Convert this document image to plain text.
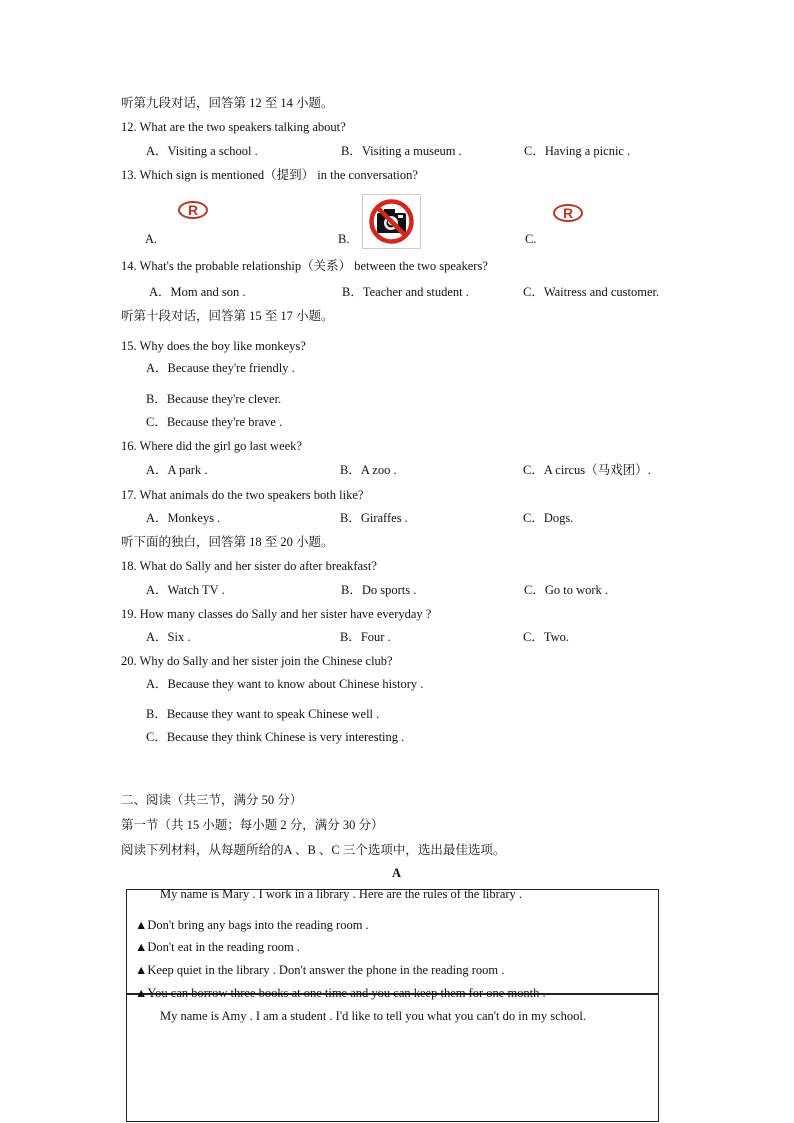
听第九段对话，回答第 12 至 14 小题。
12. What are the two speakers talking about?
A．Visiting a school .	B．Visiting a museum .	C．Having a picnic .
13. Which sign is mentioned（提到） in the conversation?
R
A.	B.
R
C.
14. What's the probable relationship（关系） between the two speakers?
A．Mom and son .	B．Teacher and student .	C．Waitress and customer.
听第十段对话，回答第 15 至 17 小题。
15. Why does the boy like monkeys?
A．Because they're friendly .
B．Because they're clever.
C．Because they're brave .
16. Where did the girl go last week?
A．A park .	B．A zoo .	C．A circus（马戏团）.
17. What animals do the two speakers both like?
A．Monkeys .	B．Giraffes .	C．Dogs.
听下面的独白，回答第 18 至 20 小题。
18. What do Sally and her sister do after breakfast?
A．Watch TV .	B．Do sports .	C．Go to work .
19. How many classes do Sally and her sister have everyday ?
A．Six .	B．Four .	C．Two.
20. Why do Sally and her sister join the Chinese club?
A．Because they want to know about Chinese history .
B．Because they want to speak Chinese well .
C．Because they think Chinese is very interesting .
二、阅读（共三节，满分 50 分）
第一节（共 15 小题；每小题 2 分，满分 30 分）
阅读下列材料，从每题所给的A 、B 、C 三个选项中，选出最佳选项。
A
My name is Mary . I work in a library . Here are the rules of the library .
▲Don't bring any bags into the reading room .
▲Don't eat in the reading room .
▲Keep quiet in the library . Don't answer the phone in the reading room .
▲You can borrow three books at one time and you can keep them for one month .
My name is Amy . I am a student . I'd like to tell you what you can't do in my school.
